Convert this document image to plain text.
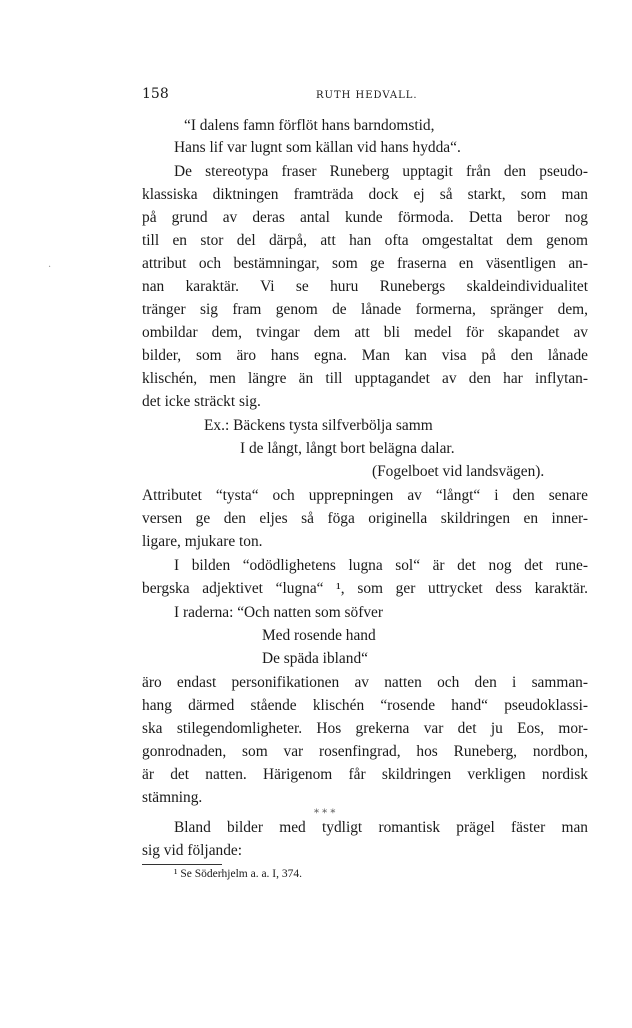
158	RUTH HEDVALL.
·
“I dalens famn förflöt hans barndomstid,
Hans lif var lugnt som källan vid hans hydda“.
De stereotypa fraser Runeberg upptagit från den pseudo-
klassiska diktningen framträda dock ej så starkt, som man
på grund av deras antal kunde förmoda. Detta beror nog
till en stor del därpå, att han ofta omgestaltat dem genom
attribut och bestämningar, som ge fraserna en väsentligen an-
nan karaktär. Vi se huru Runebergs skaldeindividualitet
tränger sig fram genom de lånade formerna, spränger dem,
ombildar dem, tvingar dem att bli medel för skapandet av
bilder, som äro hans egna. Man kan visa på den lånade
klischén, men längre än till upptagandet av den har inflytan-
det icke sträckt sig.
Ex.: Bäckens tysta silfverbölja samm
I de långt, långt bort belägna dalar.
(Fogelboet vid landsvägen).
Attributet “tysta“ och upprepningen av “långt“ i den senare
versen ge den eljes så föga originella skildringen en inner-
ligare, mjukare ton.
I bilden “odödlighetens lugna sol“ är det nog det rune-
bergska adjektivet “lugna“ ¹, som ger uttrycket dess karaktär.
I raderna: “Och natten som söfver
Med rosende hand
De späda ibland“
äro endast personifikationen av natten och den i samman-
hang därmed stående klischén “rosende hand“ pseudoklassi-
ska stilegendomligheter. Hos grekerna var det ju Eos, mor-
gonrodnaden, som var rosenfingrad, hos Runeberg, nordbon,
är det natten. Härigenom får skildringen verkligen nordisk
stämning.
* * *
Bland bilder med tydligt romantisk prägel fäster man
sig vid följande:
¹ Se Söderhjelm a. a. I, 374.
